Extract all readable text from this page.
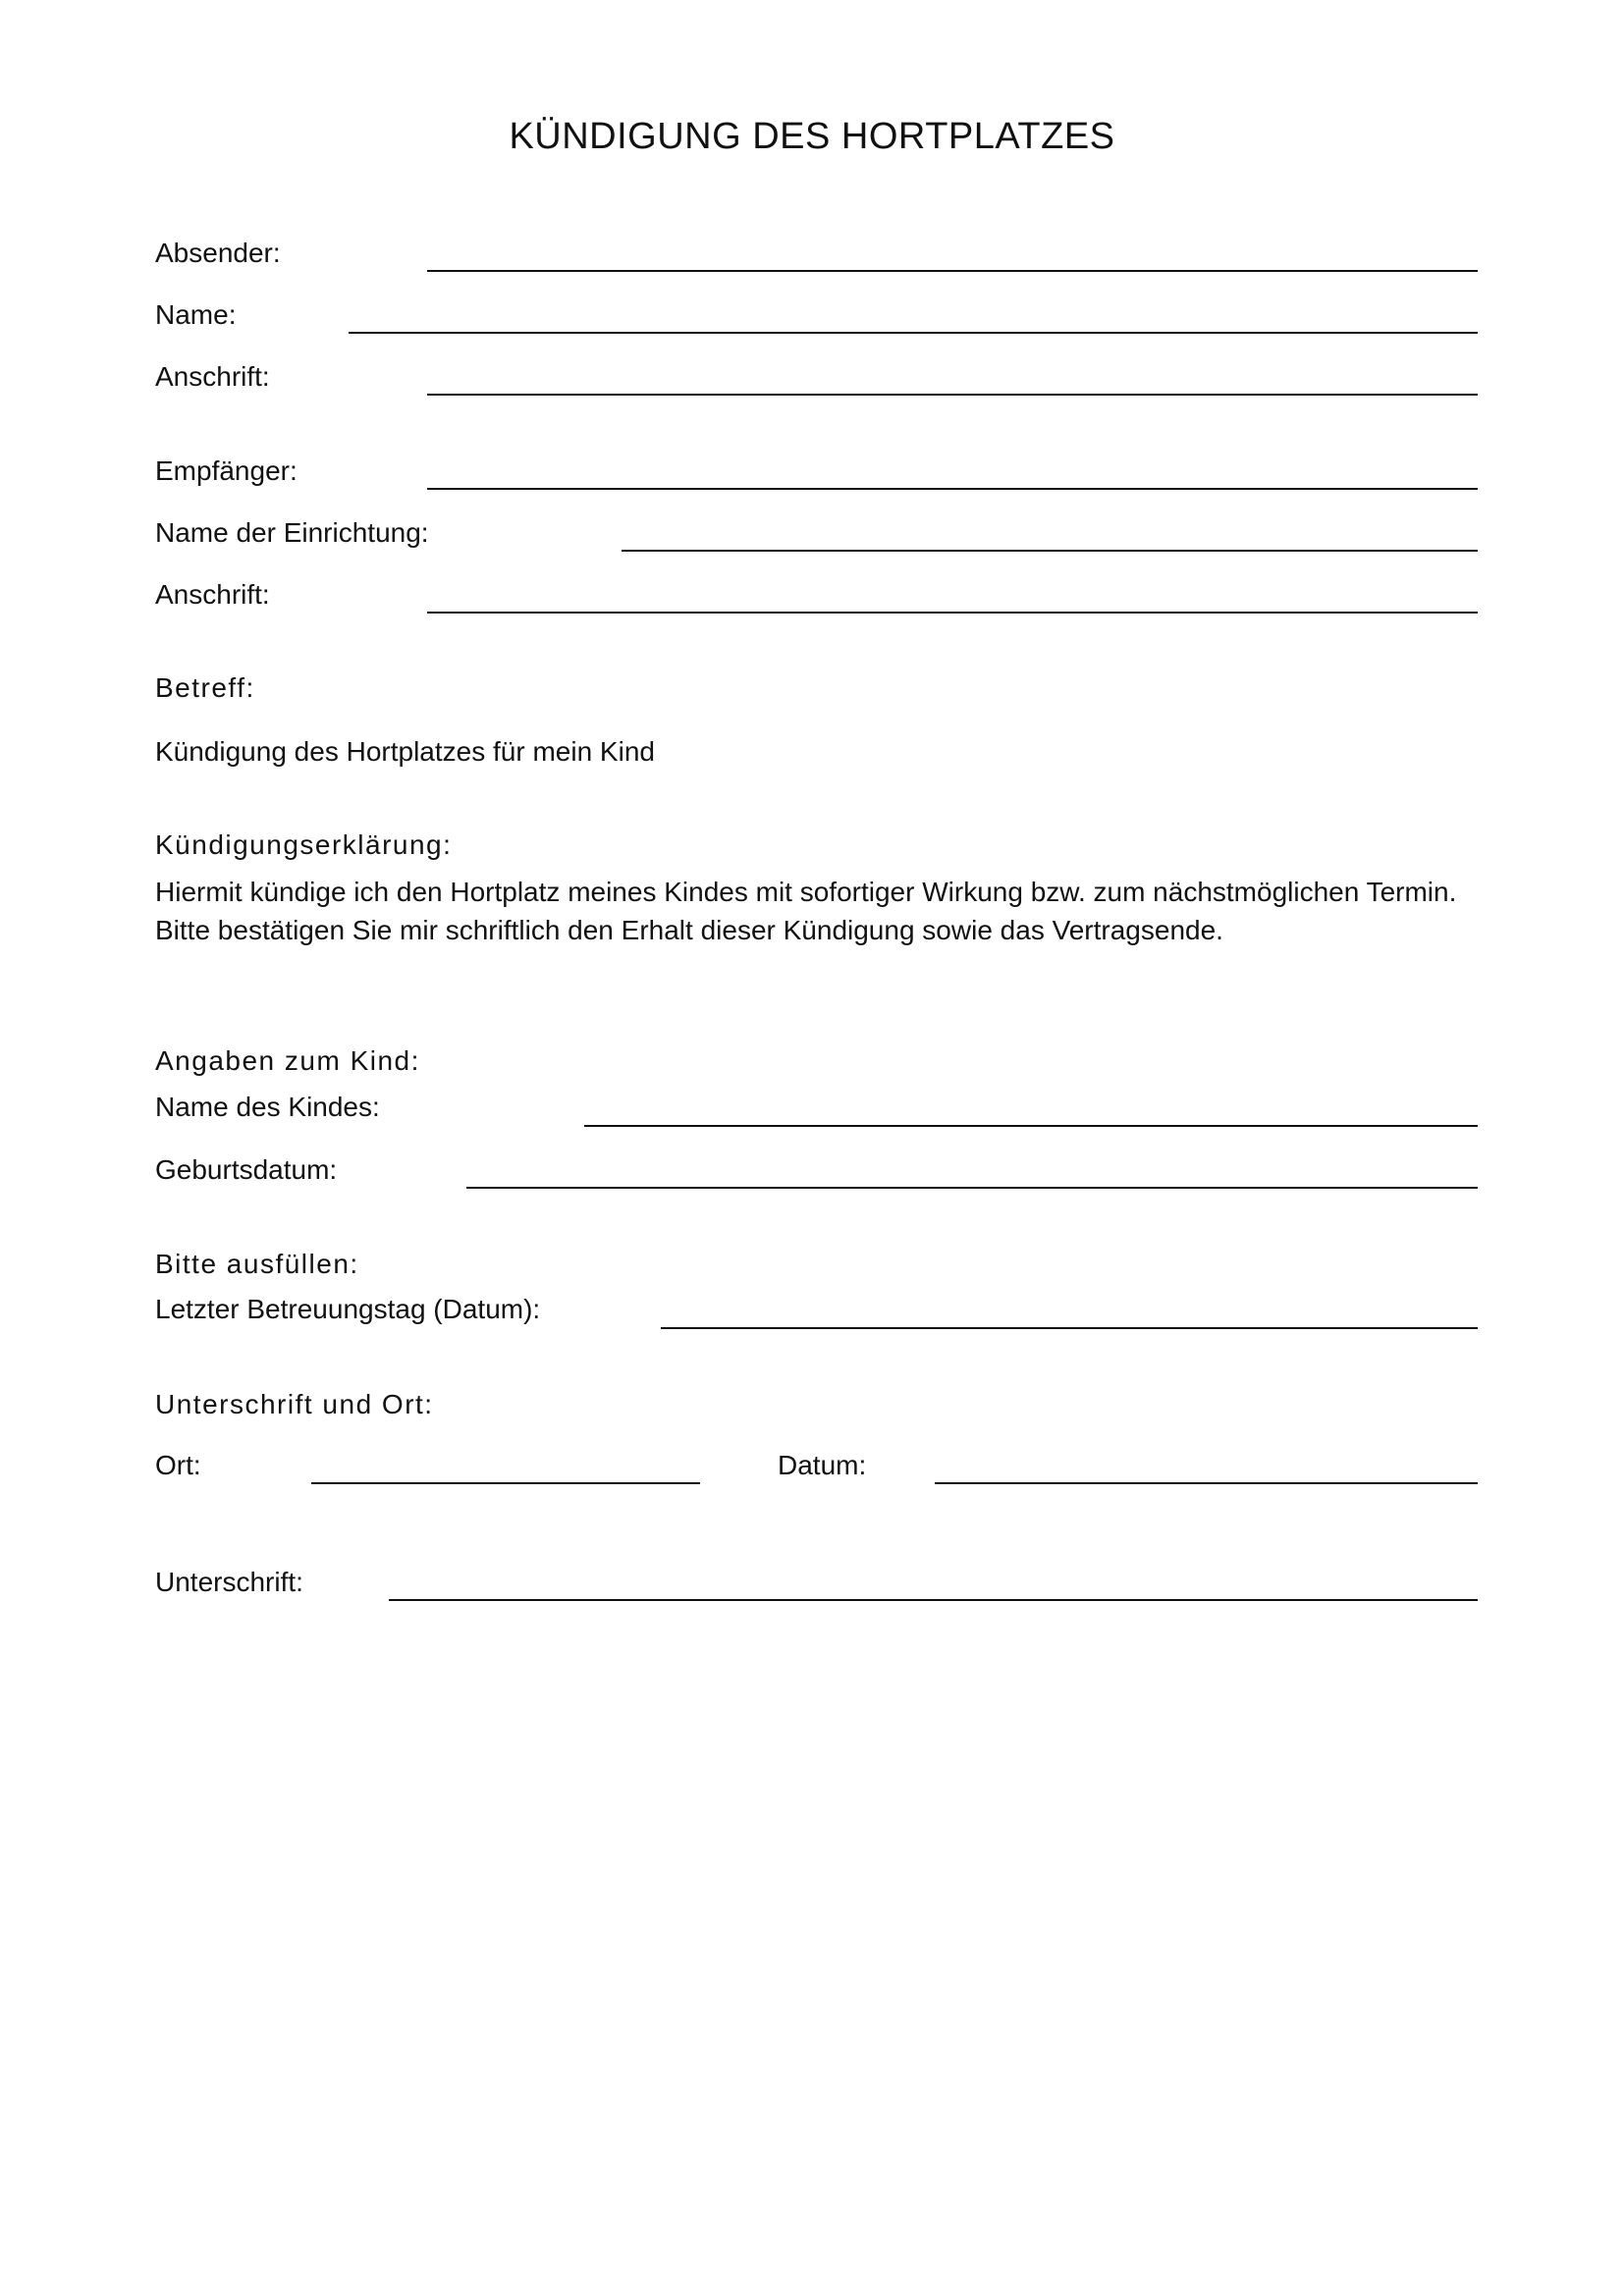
KÜNDIGUNG DES HORTPLATZES
Absender:
Name:
Anschrift:
Empfänger:
Name der Einrichtung:
Anschrift:
Betreff:
Kündigung des Hortplatzes für mein Kind
Kündigungserklärung:
Hiermit kündige ich den Hortplatz meines Kindes mit sofortiger Wirkung bzw. zum nächstmöglichen Termin.
Bitte bestätigen Sie mir schriftlich den Erhalt dieser Kündigung sowie das Vertragsende.
Angaben zum Kind:
Name des Kindes:
Geburtsdatum:
Bitte ausfüllen:
Letzter Betreuungstag (Datum):
Unterschrift und Ort:
Ort:	Datum:
Unterschrift:
